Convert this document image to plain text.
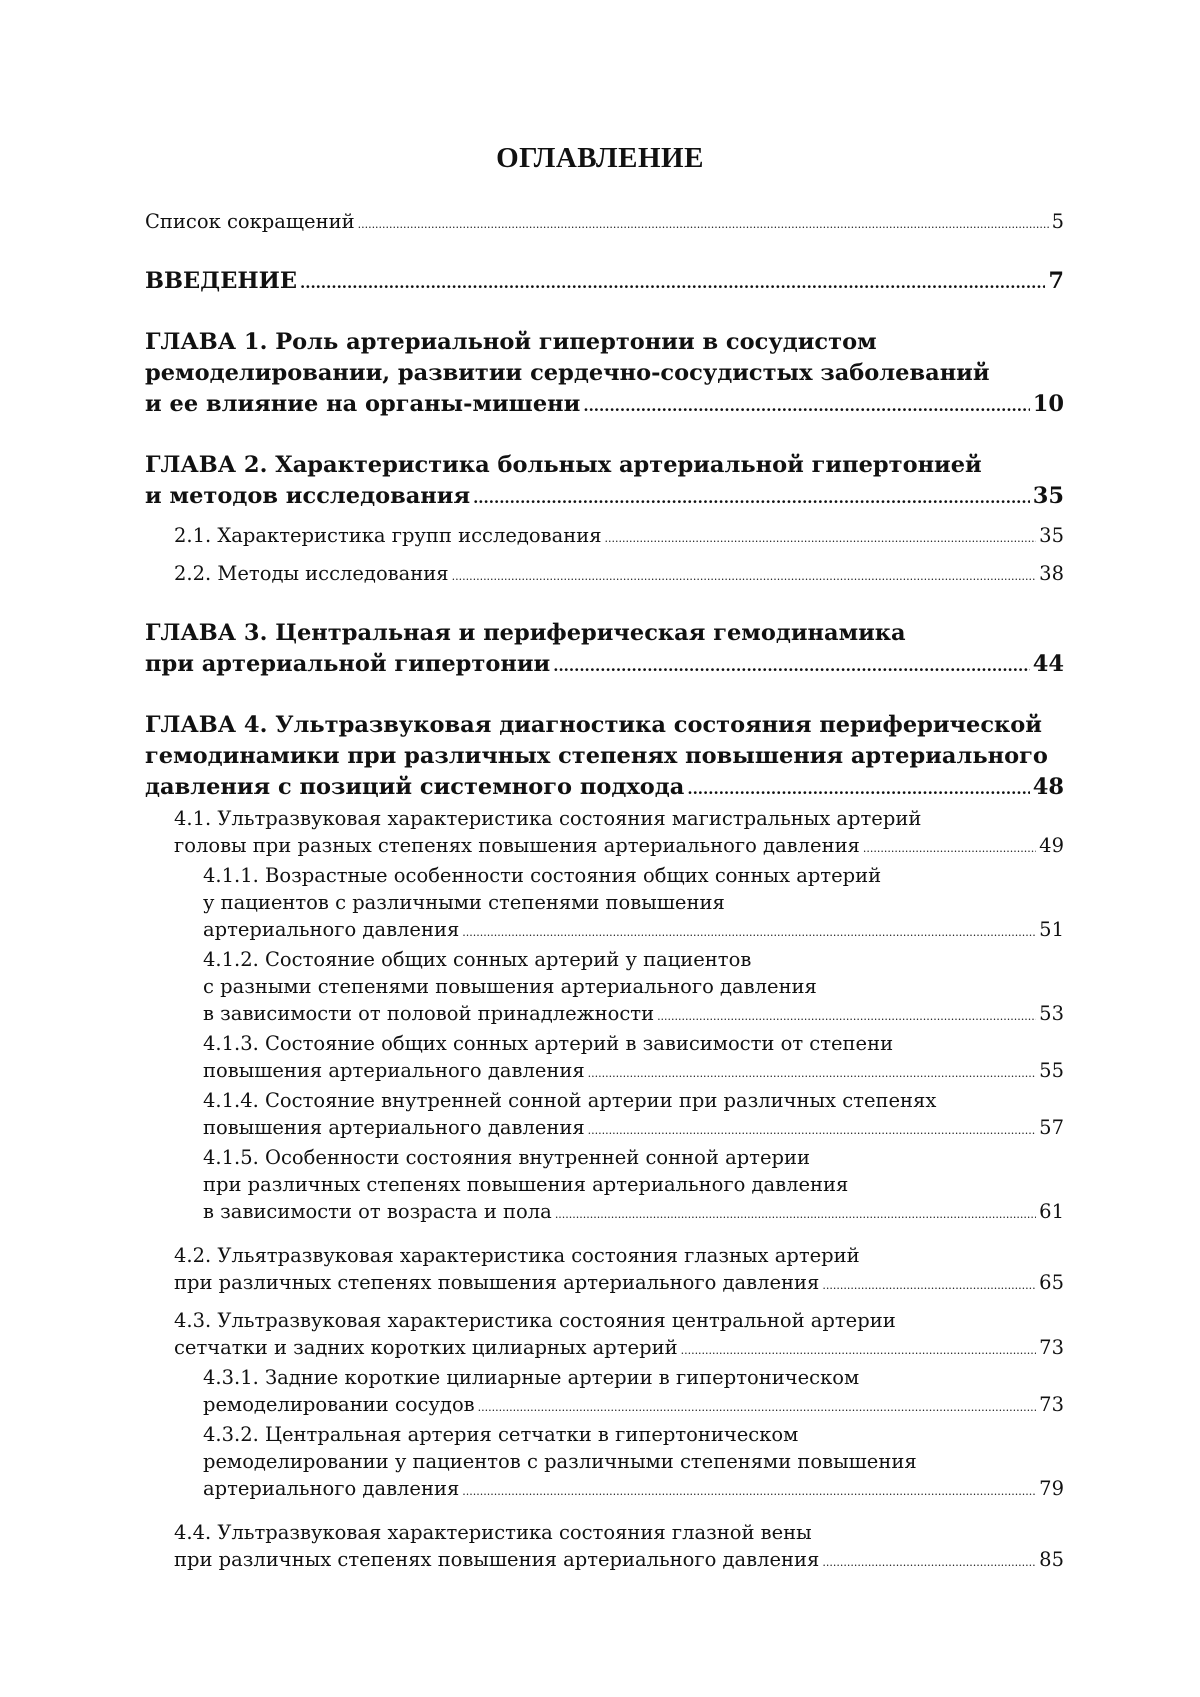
ОГЛАВЛЕНИЕ
Список сокращений .....	5
ВВЕДЕНИЕ .....	7
ГЛАВА 1. Роль артериальной гипертонии в сосудистом
ремоделировании, развитии сердечно-сосудистых заболеваний
и ее влияние на органы-мишени .....	10
ГЛАВА 2. Характеристика больных артериальной гипертонией
и методов исследования .....	35
2.1. Характеристика групп исследования .....	35
2.2. Методы исследования .....	38
ГЛАВА 3. Центральная и периферическая гемодинамика
при артериальной гипертонии .....	44
ГЛАВА 4. Ультразвуковая диагностика состояния периферической
гемодинамики при различных степенях повышения артериального
давления с позиций системного подхода .....	48
4.1. Ультразвуковая характеристика состояния магистральных артерий
головы при разных степенях повышения артериального давления .....	49
4.1.1. Возрастные особенности состояния общих сонных артерий
у пациентов с различными степенями повышения
артериального давления .....	51
4.1.2. Состояние общих сонных артерий у пациентов
с разными степенями повышения артериального давления
в зависимости от половой принадлежности .....	53
4.1.3. Состояние общих сонных артерий в зависимости от степени
повышения артериального давления .....	55
4.1.4. Состояние внутренней сонной артерии при различных степенях
повышения артериального давления .....	57
4.1.5. Особенности состояния внутренней сонной артерии
при различных степенях повышения артериального давления
в зависимости от возраста и пола .....	61
4.2. Ульятразвуковая характеристика состояния глазных артерий
при различных степенях повышения артериального давления .....	65
4.3. Ультразвуковая характеристика состояния центральной артерии
сетчатки и задних коротких цилиарных артерий .....	73
4.3.1. Задние короткие цилиарные артерии в гипертоническом
ремоделировании сосудов .....	73
4.3.2. Центральная артерия сетчатки в гипертоническом
ремоделировании у пациентов с различными степенями повышения
артериального давления .....	79
4.4. Ультразвуковая характеристика состояния глазной вены
при различных степенях повышения артериального давления .....	85
